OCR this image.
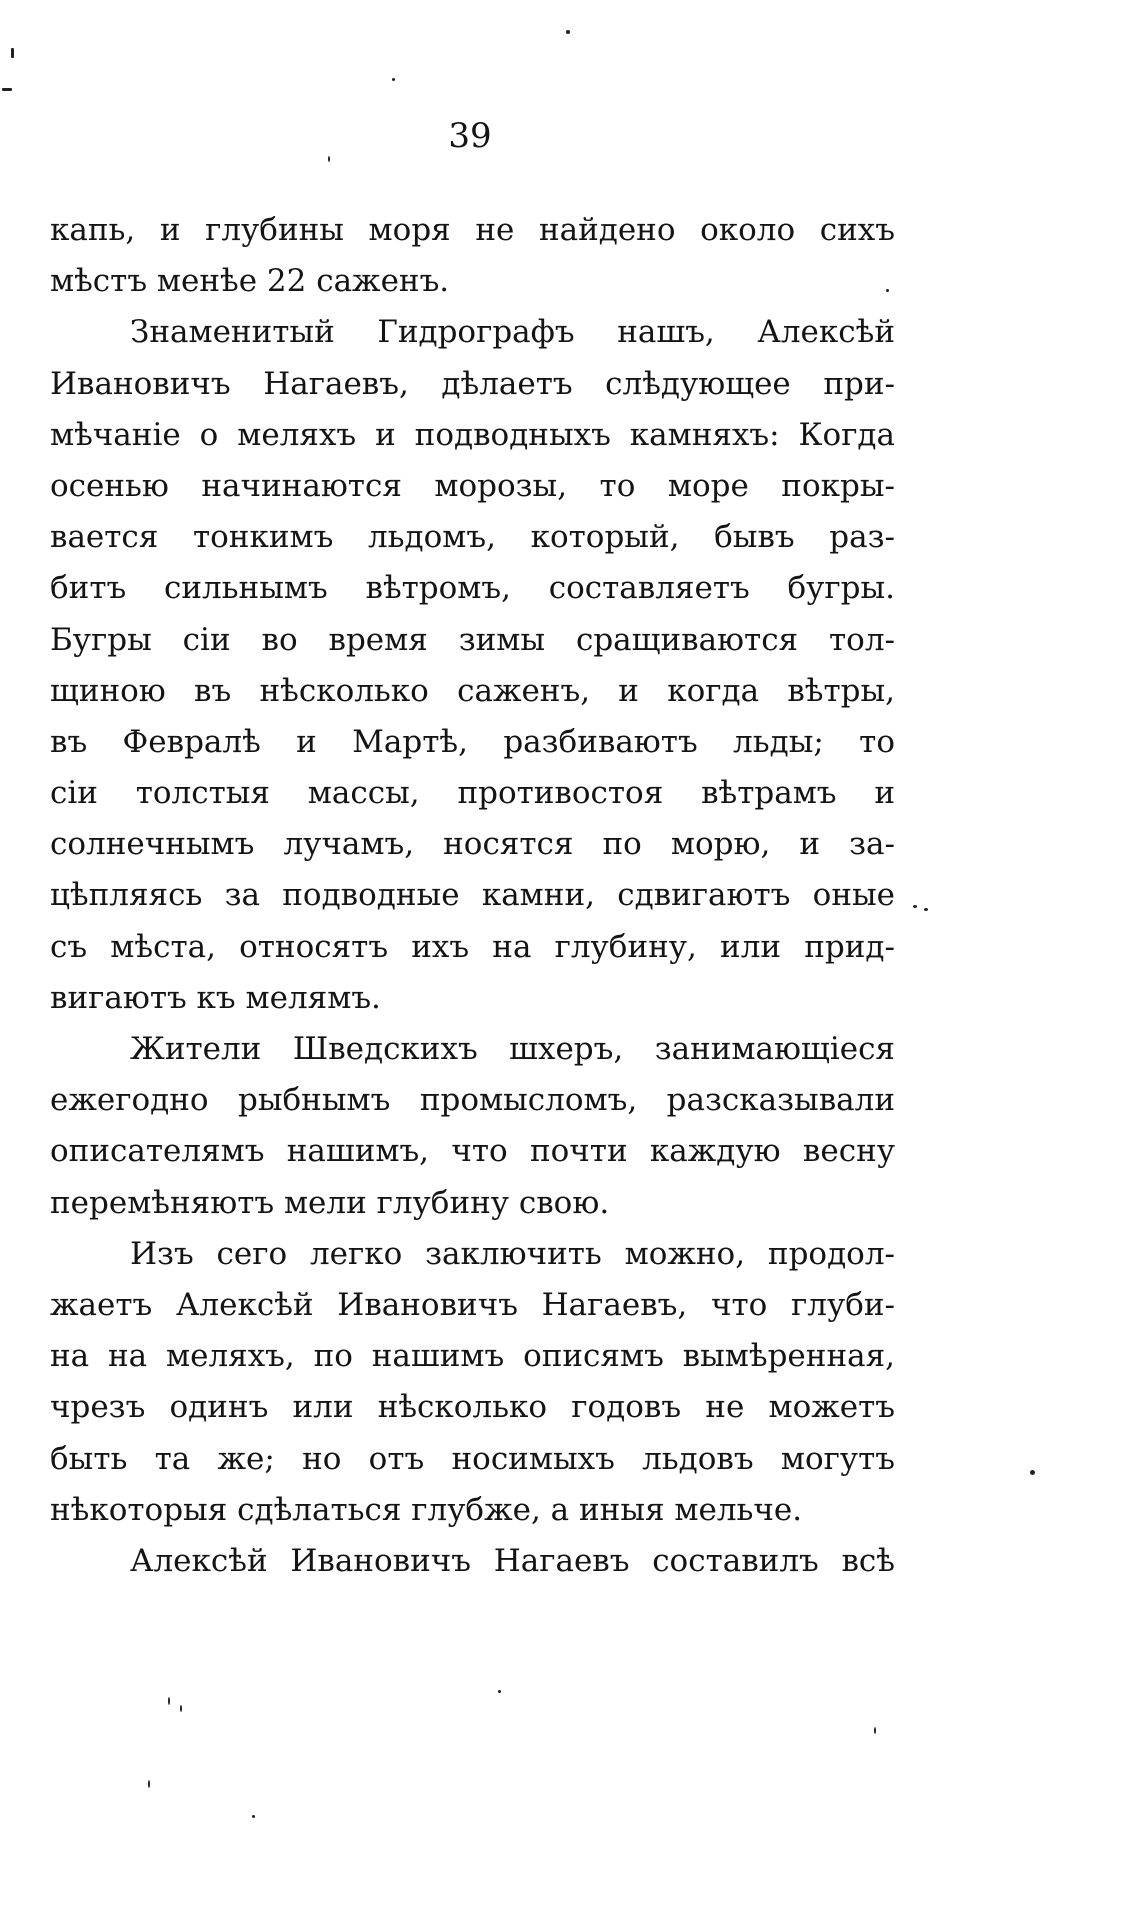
39
капь, и глубины моря не найдено около сихъ
мѣстъ менѣе 22 саженъ.
Знаменитый Гидрографъ нашъ, Алексѣй
Ивановичъ Нагаевъ, дѣлаетъ слѣдующее при-
мѣчаніе о меляхъ и подводныхъ камняхъ: Когда
осенью начинаются морозы, то море покры-
вается тонкимъ льдомъ, который, бывъ раз-
битъ сильнымъ вѣтромъ, составляетъ бугры.
Бугры сіи во время зимы сращиваются тол-
щиною въ нѣсколько саженъ, и когда вѣтры,
въ Февралѣ и Мартѣ, разбиваютъ льды; то
сіи толстыя массы, противостоя вѣтрамъ и
солнечнымъ лучамъ, носятся по морю, и за-
цѣпляясь за подводные камни, сдвигаютъ оные
съ мѣста, относятъ ихъ на глубину, или прид-
вигаютъ къ мелямъ.
Жители Шведскихъ шхеръ, занимающіеся
ежегодно рыбнымъ промысломъ, разсказывали
описателямъ нашимъ, что почти каждую весну
перемѣняютъ мели глубину свою.
Изъ сего легко заключить можно, продол-
жаетъ Алексѣй Ивановичъ Нагаевъ, что глуби-
на на меляхъ, по нашимъ описямъ вымѣренная,
чрезъ одинъ или нѣсколько годовъ не можетъ
быть та же; но отъ носимыхъ льдовъ могутъ
нѣкоторыя сдѣлаться глубже, а иныя мельче.
Алексѣй Ивановичъ Нагаевъ составилъ всѣ
